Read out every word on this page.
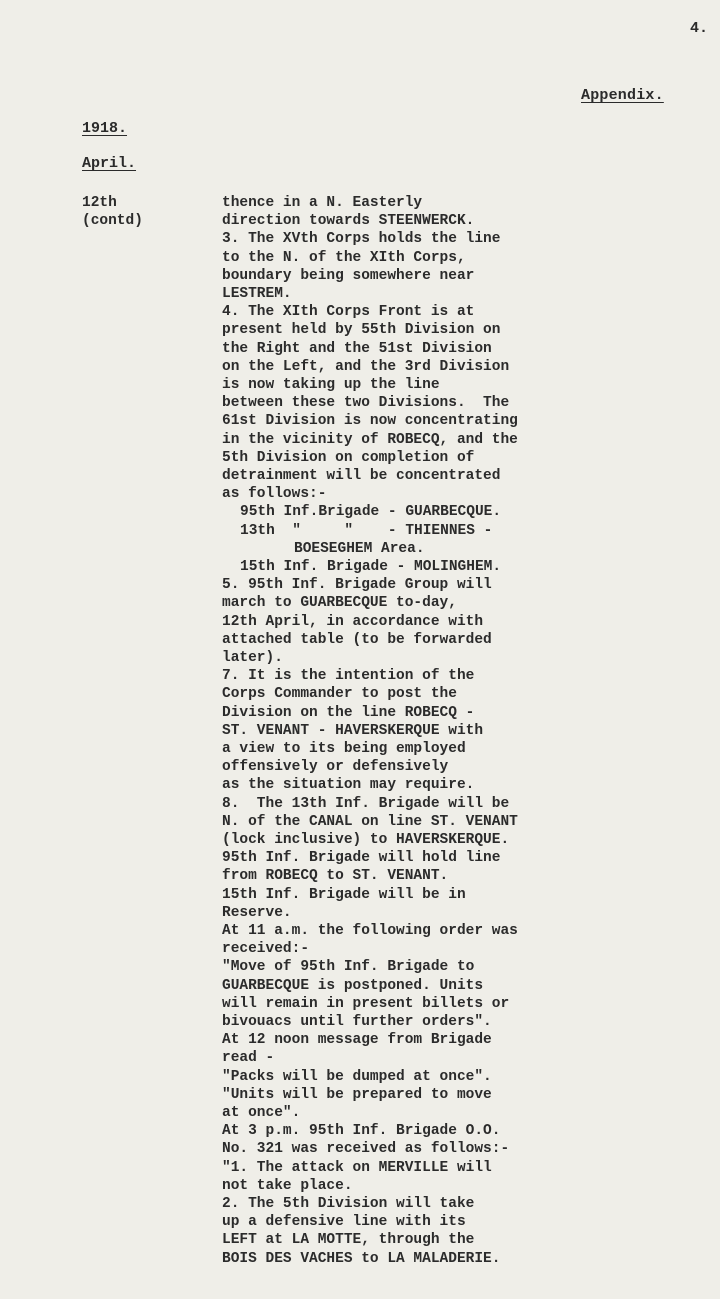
4.
Appendix.
1918.
April.
12th
(contd)
thence in a N. Easterly
direction towards STEENWERCK.
3. The XVth Corps holds the line
to the N. of the XIth Corps,
boundary being somewhere near
LESTREM.
4. The XIth Corps Front is at
present held by 55th Division on
the Right and the 51st Division
on the Left, and the 3rd Division
is now taking up the line
between these two Divisions.  The
61st Division is now concentrating
in the vicinity of ROBECQ, and the
5th Division on completion of
detrainment will be concentrated
as follows:-
95th Inf.Brigade - GUARBECQUE.
13th  "     "    - THIENNES -
BOESEGHEM Area.
15th Inf. Brigade - MOLINGHEM.
5. 95th Inf. Brigade Group will
march to GUARBECQUE to-day,
12th April, in accordance with
attached table (to be forwarded
later).
7. It is the intention of the
Corps Commander to post the
Division on the line ROBECQ -
ST. VENANT - HAVERSKERQUE with
a view to its being employed
offensively or defensively
as the situation may require.
8.  The 13th Inf. Brigade will be
N. of the CANAL on line ST. VENANT
(lock inclusive) to HAVERSKERQUE.
95th Inf. Brigade will hold line
from ROBECQ to ST. VENANT.
15th Inf. Brigade will be in
Reserve.
At 11 a.m. the following order was
received:-
"Move of 95th Inf. Brigade to
GUARBECQUE is postponed. Units
will remain in present billets or
bivouacs until further orders".
At 12 noon message from Brigade
read -
"Packs will be dumped at once".
"Units will be prepared to move
at once".
At 3 p.m. 95th Inf. Brigade O.O.
No. 321 was received as follows:-
"1. The attack on MERVILLE will
not take place.
2. The 5th Division will take
up a defensive line with its
LEFT at LA MOTTE, through the
BOIS DES VACHES to LA MALADERIE.
